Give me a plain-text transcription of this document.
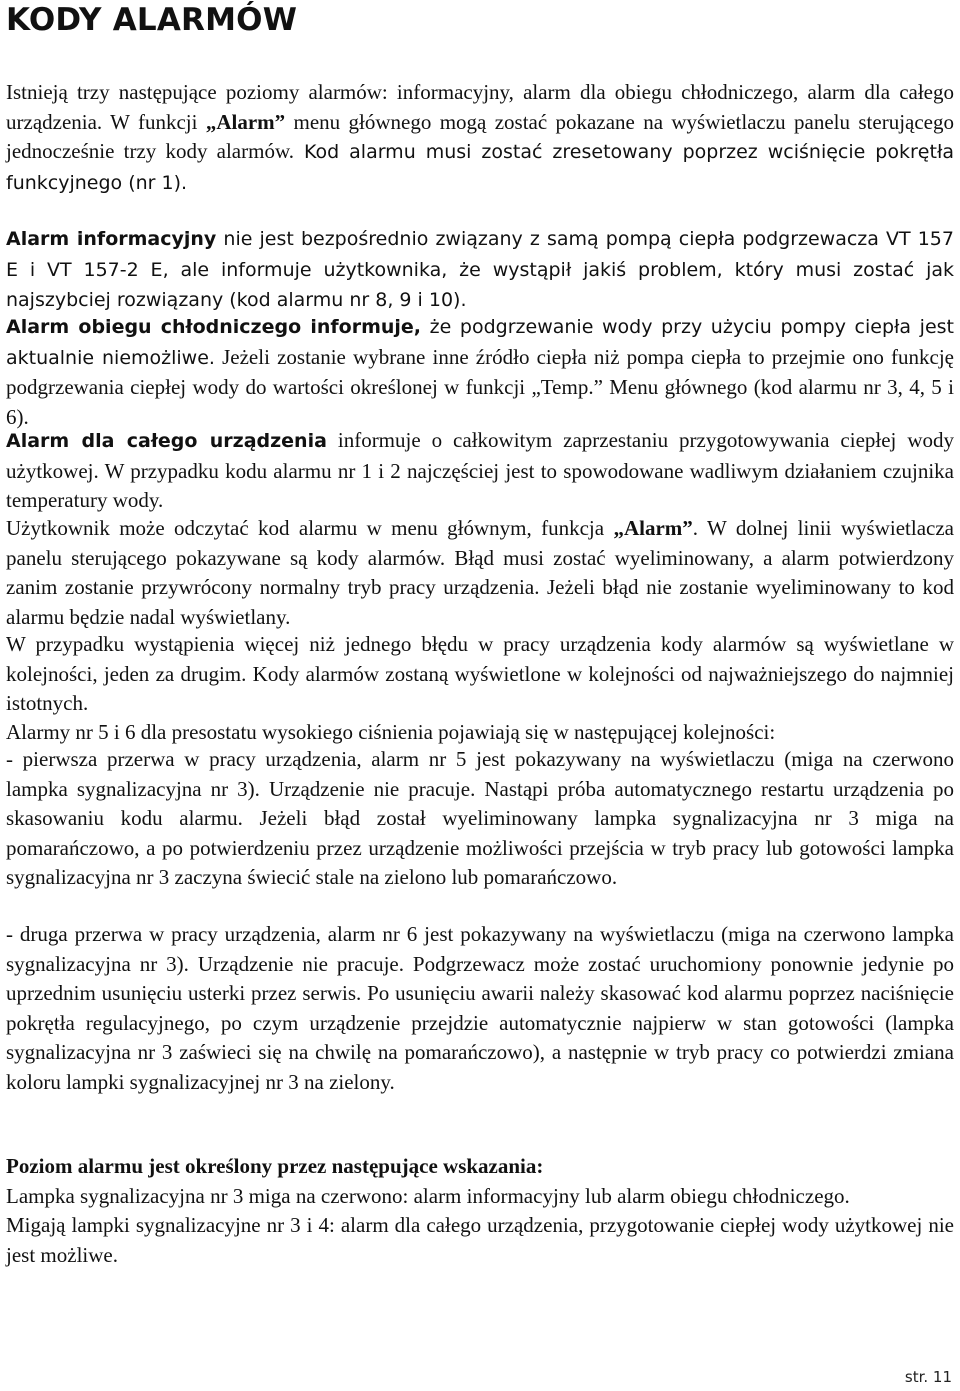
KODY ALARMÓW

Istnieją trzy następujące poziomy alarmów: informacyjny, alarm dla obiegu chłodniczego, alarm dla całego urządzenia. W funkcji „Alarm” menu głównego mogą zostać pokazane na wyświetlaczu panelu sterującego jednocześnie trzy kody alarmów. Kod alarmu musi zostać zresetowany poprzez wciśnięcie pokrętła funkcyjnego (nr 1).

Alarm informacyjny nie jest bezpośrednio związany z samą pompą ciepła podgrzewacza VT 157 E i VT 157-2 E, ale informuje użytkownika, że wystąpił jakiś problem, który musi zostać jak najszybciej rozwiązany (kod alarmu nr 8, 9 i 10).

Alarm obiegu chłodniczego informuje, że podgrzewanie wody przy użyciu pompy ciepła jest aktualnie niemożliwe. Jeżeli zostanie wybrane inne źródło ciepła niż pompa ciepła to przejmie ono funkcję podgrzewania ciepłej wody do wartości określonej w funkcji „Temp.” Menu głównego (kod alarmu nr 3, 4, 5 i 6).

Alarm dla całego urządzenia informuje o całkowitym zaprzestaniu przygotowywania ciepłej wody użytkowej. W przypadku kodu alarmu nr 1 i 2 najczęściej jest to spowodowane wadliwym działaniem czujnika temperatury wody.

Użytkownik może odczytać kod alarmu w menu głównym, funkcja „Alarm”. W dolnej linii wyświetlacza panelu sterującego pokazywane są kody alarmów. Błąd musi zostać wyeliminowany, a alarm potwierdzony zanim zostanie przywrócony normalny tryb pracy urządzenia. Jeżeli błąd nie zostanie wyeliminowany to kod alarmu będzie nadal wyświetlany.

W przypadku wystąpienia więcej niż jednego błędu w pracy urządzenia kody alarmów są wyświetlane w kolejności, jeden za drugim. Kody alarmów zostaną wyświetlone w kolejności od najważniejszego do najmniej istotnych.

Alarmy nr 5 i 6 dla presostatu wysokiego ciśnienia pojawiają się w następującej kolejności:

- pierwsza przerwa w pracy urządzenia, alarm nr 5 jest pokazywany na wyświetlaczu (miga na czerwono lampka sygnalizacyjna nr 3). Urządzenie nie pracuje. Nastąpi próba automatycznego restartu urządzenia po skasowaniu kodu alarmu. Jeżeli błąd został wyeliminowany lampka sygnalizacyjna nr 3 miga na pomarańczowo, a po potwierdzeniu przez urządzenie możliwości przejścia w tryb pracy lub gotowości lampka sygnalizacyjna nr 3 zaczyna świecić stale na zielono lub pomarańczowo.

- druga przerwa w pracy urządzenia, alarm nr 6 jest pokazywany na wyświetlaczu (miga na czerwono lampka sygnalizacyjna nr 3). Urządzenie nie pracuje. Podgrzewacz może zostać uruchomiony ponownie jedynie po uprzednim usunięciu usterki przez serwis. Po usunięciu awarii należy skasować kod alarmu poprzez naciśnięcie pokrętła regulacyjnego, po czym urządzenie przejdzie automatycznie najpierw w stan gotowości (lampka sygnalizacyjna nr 3 zaświeci się na chwilę na pomarańczowo), a następnie w tryb pracy co potwierdzi zmiana koloru lampki sygnalizacyjnej nr 3 na zielony.

Poziom alarmu jest określony przez następujące wskazania:
Lampka sygnalizacyjna nr 3 miga na czerwono: alarm informacyjny lub alarm obiegu chłodniczego.
Migają lampki sygnalizacyjne nr 3 i 4: alarm dla całego urządzenia, przygotowanie ciepłej wody użytkowej nie jest możliwe.

str. 11
